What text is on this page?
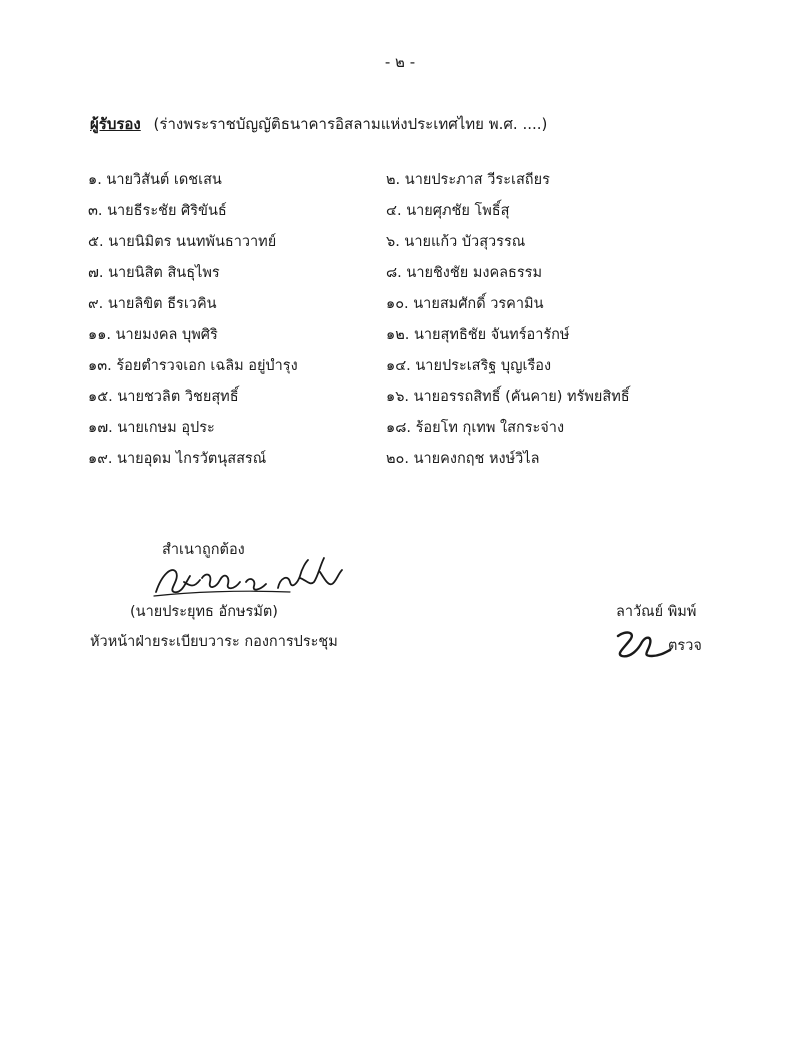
- ๒ -
ผู้รับรอง (ร่างพระราชบัญญัติธนาคารอิสลามแห่งประเทศไทย พ.ศ. ....)
๑. นายวิสันต์ เดชเสน	๒. นายประภาส วีระเสถียร
๓. นายธีระชัย ศิริขันธ์	๔. นายศุภชัย โพธิ์สุ
๕. นายนิมิตร นนทพันธาวาทย์	๖. นายแก้ว บัวสุวรรณ
๗. นายนิสิต สินธุไพร	๘. นายชิงชัย มงคลธรรม
๙. นายลิขิต ธีรเวคิน	๑๐. นายสมศักดิ์ วรคามิน
๑๑. นายมงคล บุพศิริ	๑๒. นายสุทธิชัย จันทร์อารักษ์
๑๓. ร้อยตำรวจเอก เฉลิม อยู่บำรุง	๑๔. นายประเสริฐ บุญเรือง
๑๕. นายชวลิต วิชยสุทธิ์	๑๖. นายอรรถสิทธิ์ (คันคาย) ทรัพยสิทธิ์
๑๗. นายเกษม อุประ	๑๘. ร้อยโท กุเทพ ใสกระจ่าง
๑๙. นายอุดม ไกรวัตนุสสรณ์	๒๐. นายคงกฤช หงษ์วิไล
สำเนาถูกต้อง
(นายประยุทธ อักษรมัต)
หัวหน้าฝ่ายระเบียบวาระ กองการประชุม
ลาวัณย์ พิมพ์
ตรวจ
